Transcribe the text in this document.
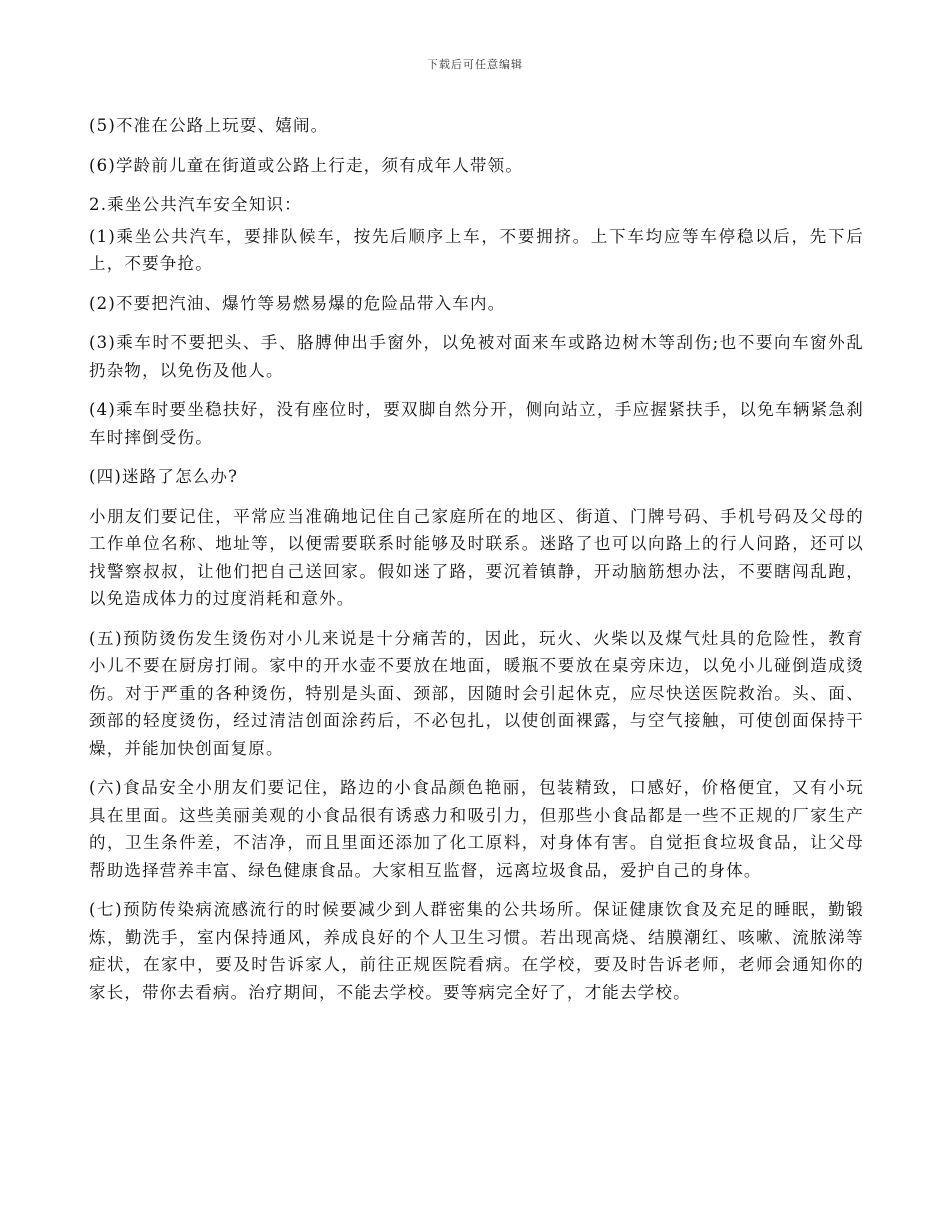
下载后可任意编辑

(5)不准在公路上玩耍、嬉闹。

(6)学龄前儿童在街道或公路上行走，须有成年人带领。

2.乘坐公共汽车安全知识：

(1)乘坐公共汽车，要排队候车，按先后顺序上车，不要拥挤。上下车均应等车停稳以后，先下后上，不要争抢。

(2)不要把汽油、爆竹等易燃易爆的危险品带入车内。

(3)乘车时不要把头、手、胳膊伸出手窗外，以免被对面来车或路边树木等刮伤;也不要向车窗外乱扔杂物，以免伤及他人。

(4)乘车时要坐稳扶好，没有座位时，要双脚自然分开，侧向站立，手应握紧扶手，以免车辆紧急刹车时摔倒受伤。

(四)迷路了怎么办?

小朋友们要记住，平常应当准确地记住自己家庭所在的地区、街道、门牌号码、手机号码及父母的工作单位名称、地址等，以便需要联系时能够及时联系。迷路了也可以向路上的行人问路，还可以找警察叔叔，让他们把自己送回家。假如迷了路，要沉着镇静，开动脑筋想办法，不要瞎闯乱跑，以免造成体力的过度消耗和意外。

(五)预防烫伤发生烫伤对小儿来说是十分痛苦的，因此，玩火、火柴以及煤气灶具的危险性，教育小儿不要在厨房打闹。家中的开水壶不要放在地面，暖瓶不要放在桌旁床边，以免小儿碰倒造成烫伤。对于严重的各种烫伤，特别是头面、颈部，因随时会引起休克，应尽快送医院救治。头、面、颈部的轻度烫伤，经过清洁创面涂药后，不必包扎，以使创面裸露，与空气接触，可使创面保持干燥，并能加快创面复原。

(六)食品安全小朋友们要记住，路边的小食品颜色艳丽，包装精致，口感好，价格便宜，又有小玩具在里面。这些美丽美观的小食品很有诱惑力和吸引力，但那些小食品都是一些不正规的厂家生产的，卫生条件差，不洁净，而且里面还添加了化工原料，对身体有害。自觉拒食垃圾食品，让父母帮助选择营养丰富、绿色健康食品。大家相互监督，远离垃圾食品，爱护自己的身体。

(七)预防传染病流感流行的时候要减少到人群密集的公共场所。保证健康饮食及充足的睡眠，勤锻炼，勤洗手，室内保持通风，养成良好的个人卫生习惯。若出现高烧、结膜潮红、咳嗽、流脓涕等症状，在家中，要及时告诉家人，前往正规医院看病。在学校，要及时告诉老师，老师会通知你的家长，带你去看病。治疗期间，不能去学校。要等病完全好了，才能去学校。
